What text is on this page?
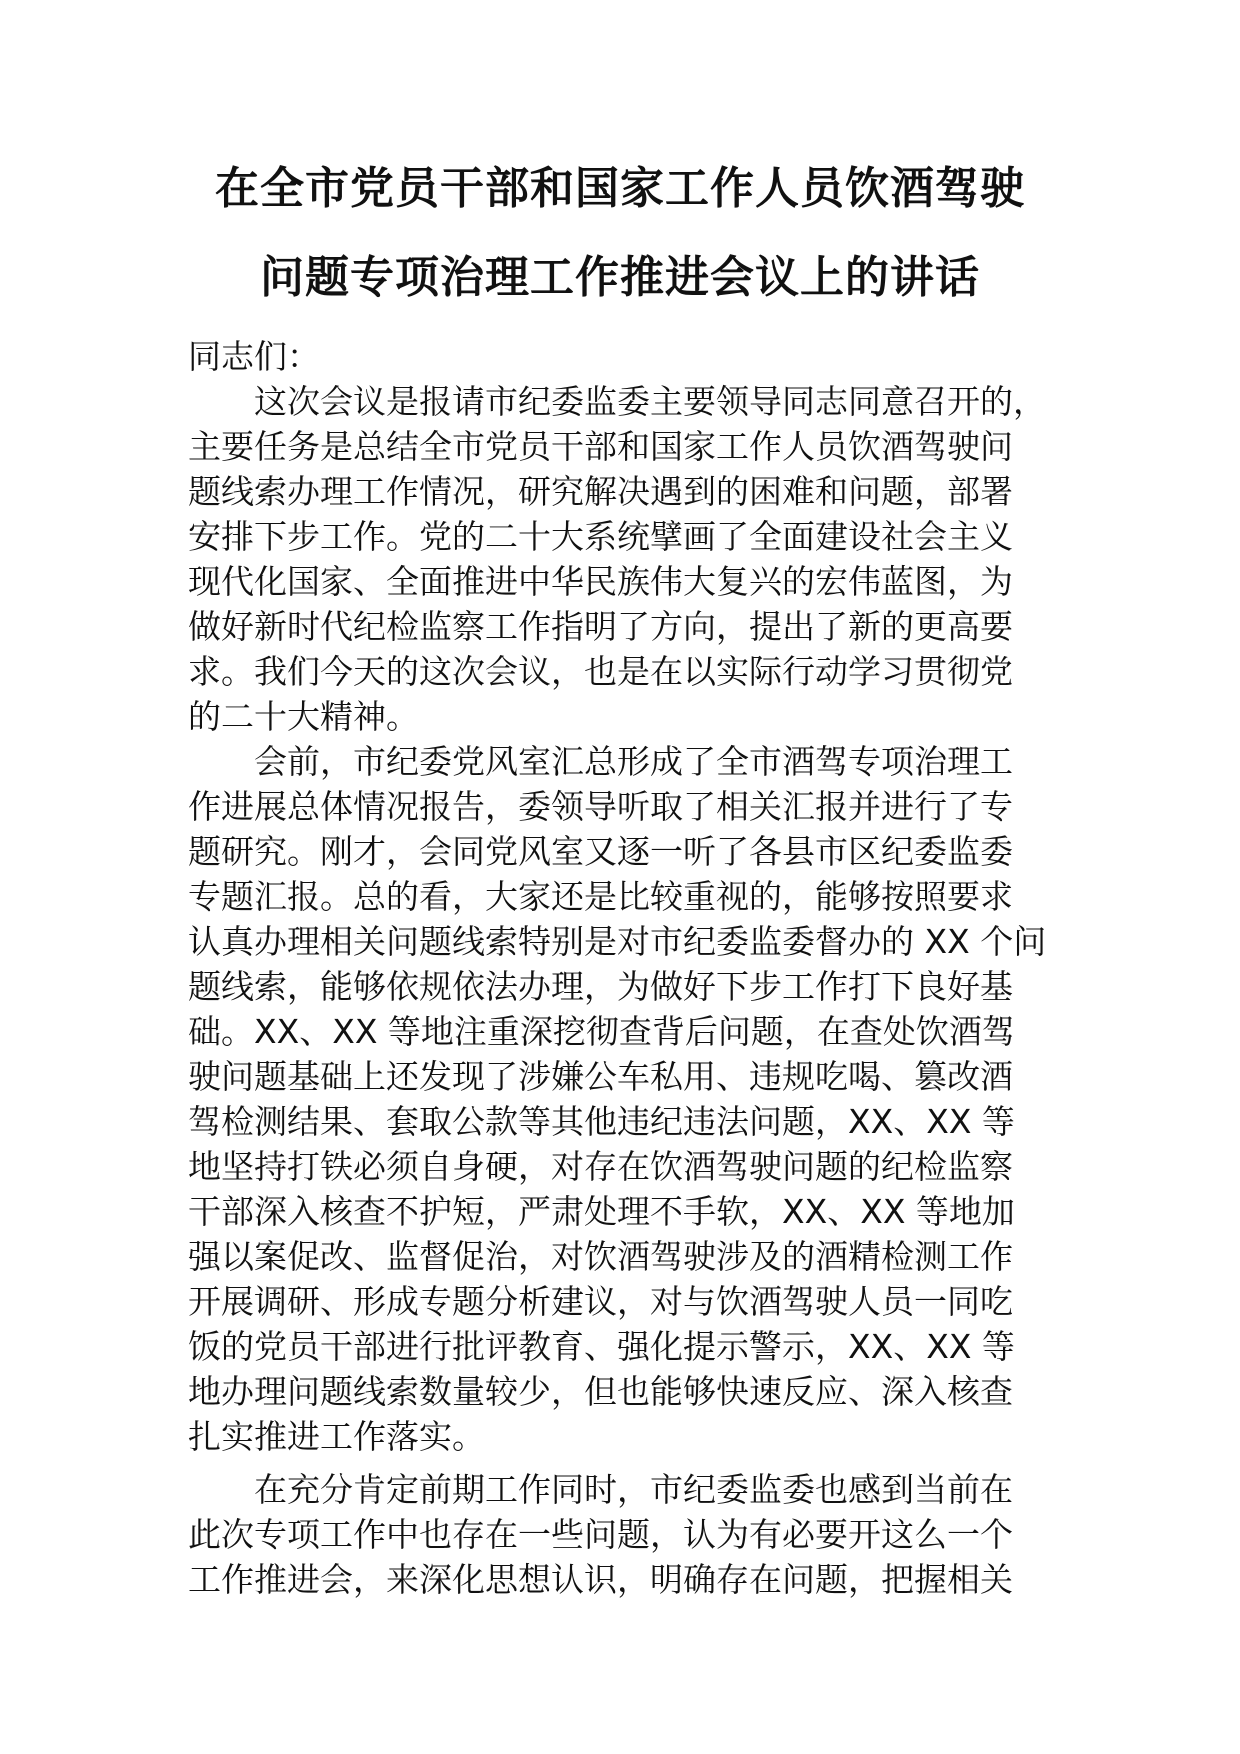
在全市党员干部和国家工作人员饮酒驾驶

问题专项治理工作推进会议上的讲话

同志们：

这次会议是报请市纪委监委主要领导同志同意召开的，

主要任务是总结全市党员干部和国家工作人员饮酒驾驶问

题线索办理工作情况，研究解决遇到的困难和问题，部署

安排下步工作。党的二十大系统擘画了全面建设社会主义

现代化国家、全面推进中华民族伟大复兴的宏伟蓝图，为

做好新时代纪检监察工作指明了方向，提出了新的更高要

求。我们今天的这次会议，也是在以实际行动学习贯彻党

的二十大精神。

会前，市纪委党风室汇总形成了全市酒驾专项治理工

作进展总体情况报告，委领导听取了相关汇报并进行了专

题研究。刚才，会同党风室又逐一听了各县市区纪委监委

专题汇报。总的看，大家还是比较重视的，能够按照要求

认真办理相关问题线索特别是对市纪委监委督办的 XX 个问

题线索，能够依规依法办理，为做好下步工作打下良好基

础。XX、XX 等地注重深挖彻查背后问题，在查处饮酒驾

驶问题基础上还发现了涉嫌公车私用、违规吃喝、篡改酒

驾检测结果、套取公款等其他违纪违法问题，XX、XX 等

地坚持打铁必须自身硬，对存在饮酒驾驶问题的纪检监察

干部深入核查不护短，严肃处理不手软，XX、XX 等地加

强以案促改、监督促治，对饮酒驾驶涉及的酒精检测工作

开展调研、形成专题分析建议，对与饮酒驾驶人员一同吃

饭的党员干部进行批评教育、强化提示警示，XX、XX 等

地办理问题线索数量较少，但也能够快速反应、深入核查

扎实推进工作落实。

在充分肯定前期工作同时，市纪委监委也感到当前在

此次专项工作中也存在一些问题，认为有必要开这么一个

工作推进会，来深化思想认识，明确存在问题，把握相关
